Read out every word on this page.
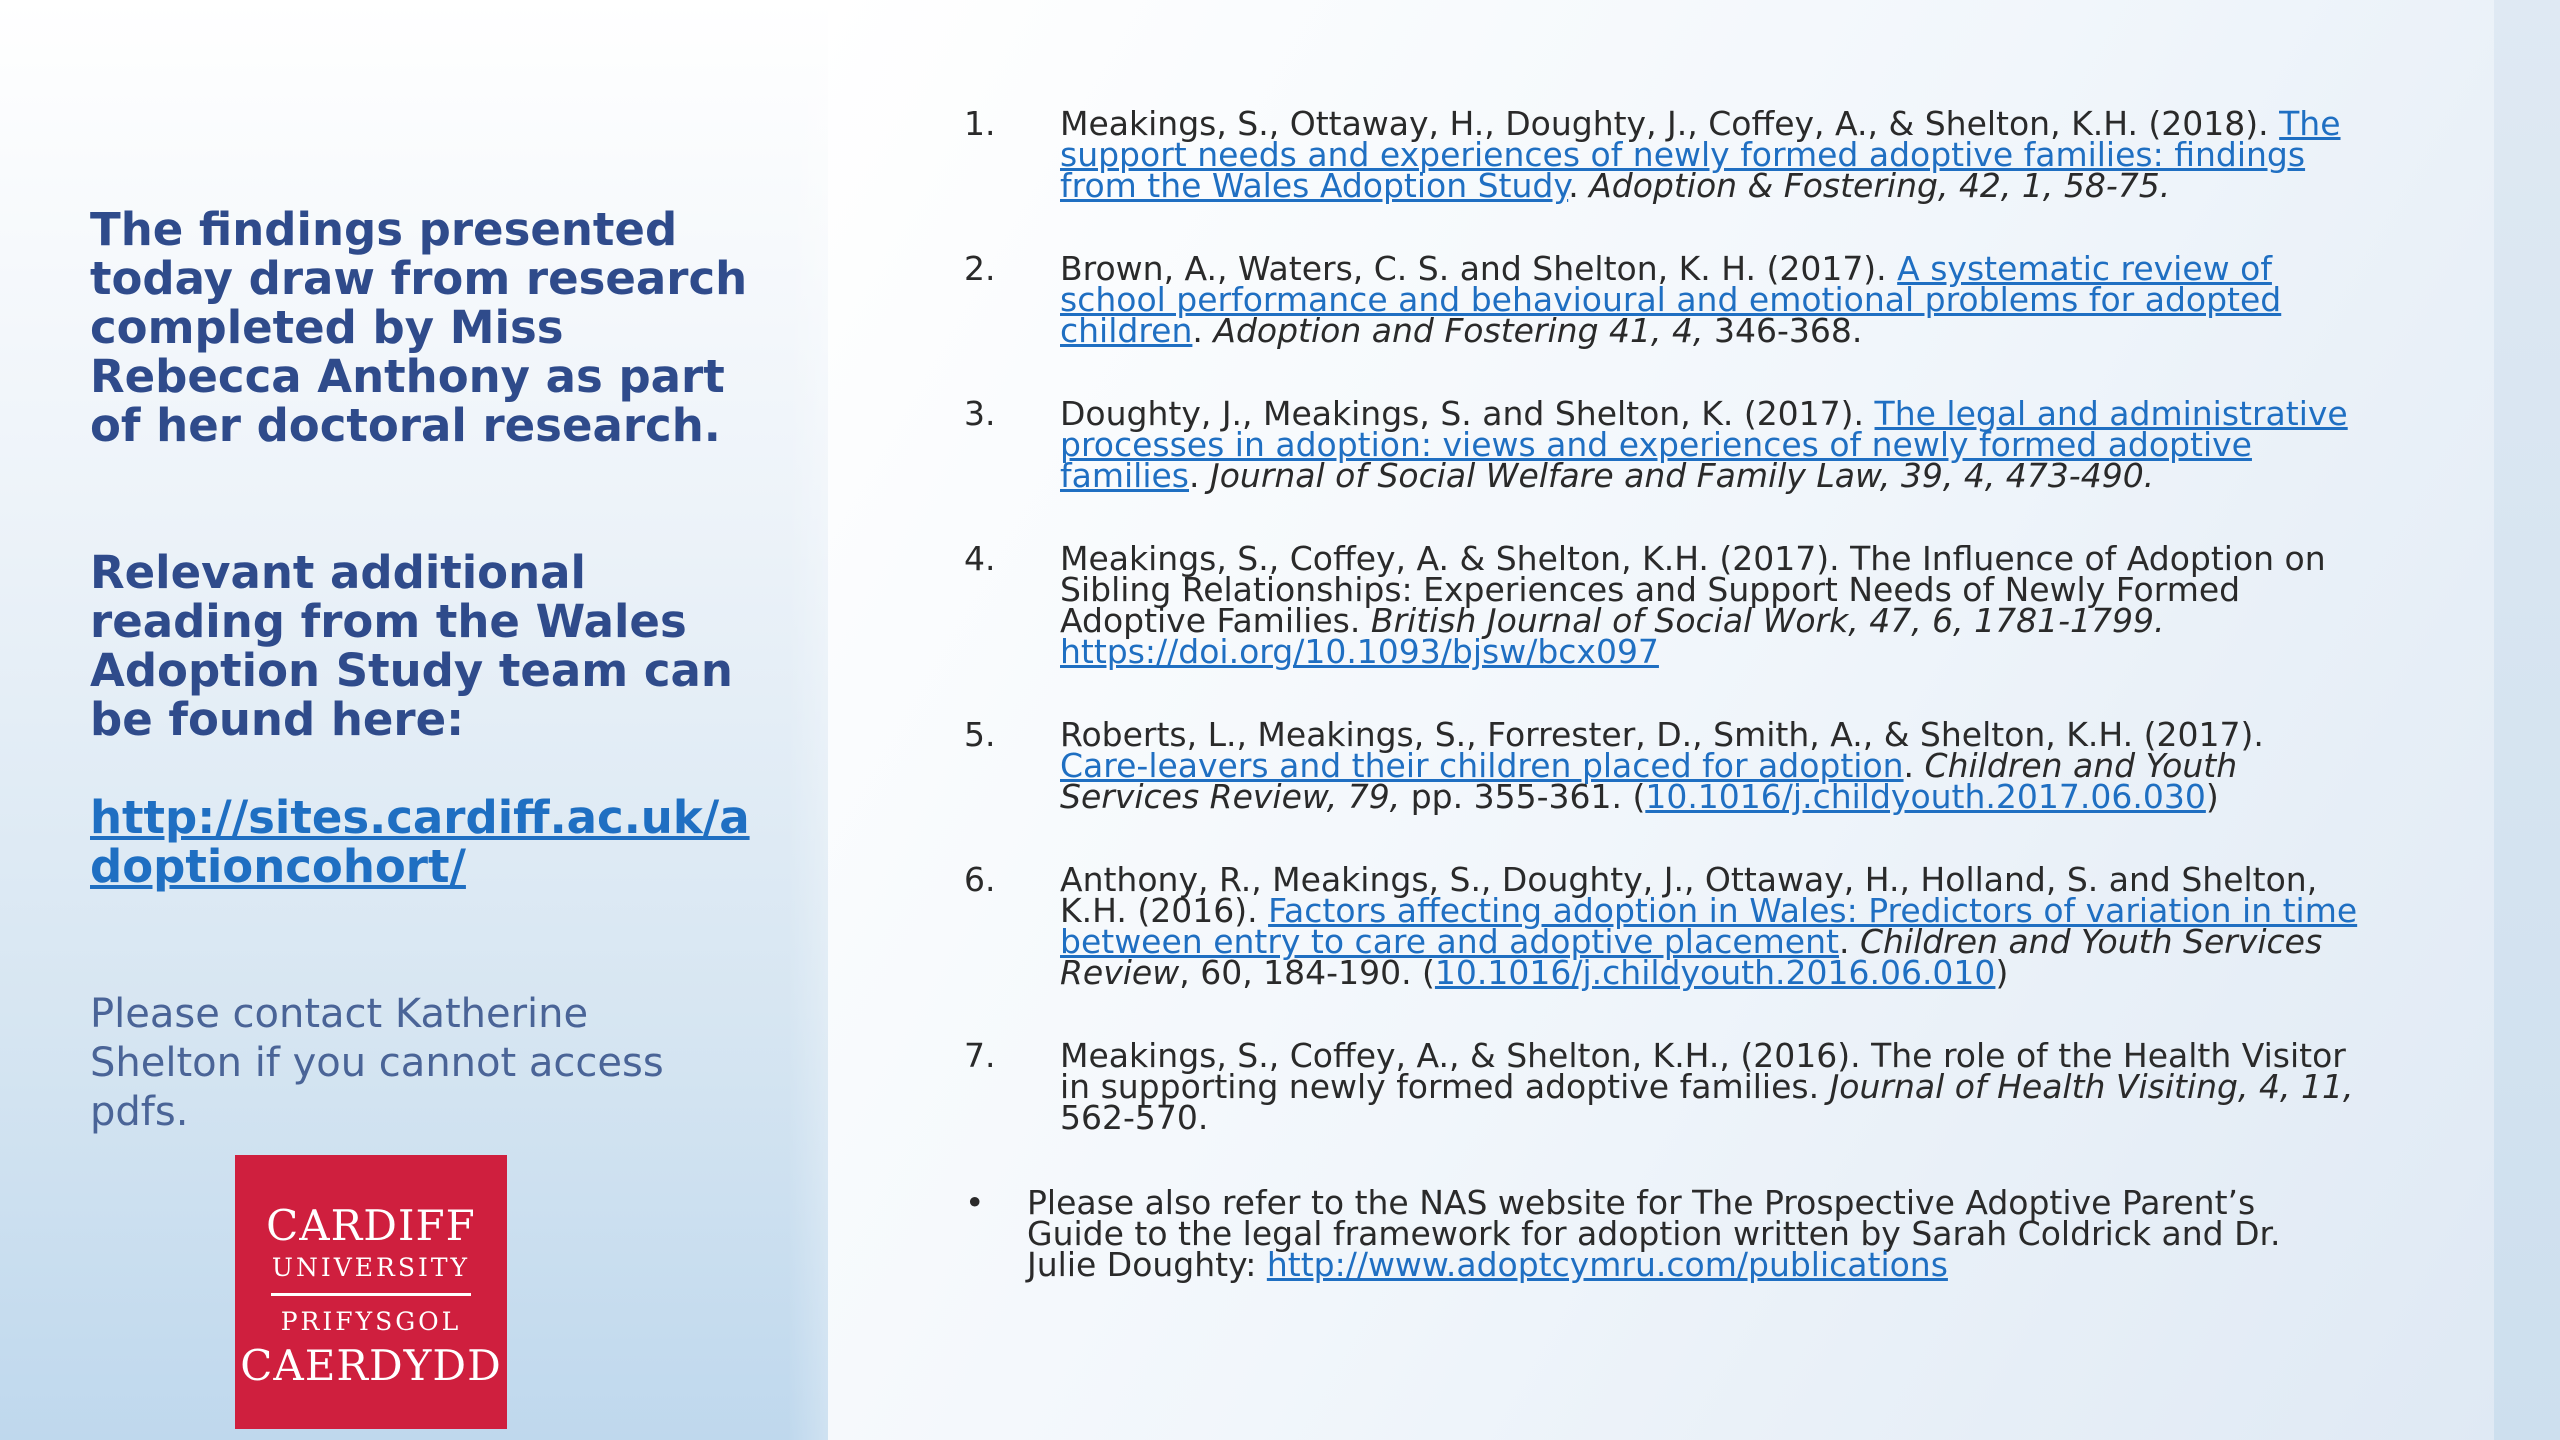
The findings presented today draw from research completed by Miss Rebecca Anthony as part of her doctoral research.

Relevant additional reading from the Wales Adoption Study team can be found here:

http://sites.cardiff.ac.uk/adoptioncohort/

Please contact Katherine Shelton if you cannot access pdfs.

CARDIFF
UNIVERSITY
PRIFYSGOL
CAERDYDD
1. Meakings, S., Ottaway, H., Doughty, J., Coffey, A., & Shelton, K.H. (2018). The support needs and experiences of newly formed adoptive families: findings from the Wales Adoption Study. Adoption & Fostering, 42, 1, 58-75.
2. Brown, A., Waters, C. S. and Shelton, K. H. (2017). A systematic review of school performance and behavioural and emotional problems for adopted children. Adoption and Fostering 41, 4, 346-368.
3. Doughty, J., Meakings, S. and Shelton, K. (2017). The legal and administrative processes in adoption: views and experiences of newly formed adoptive families. Journal of Social Welfare and Family Law, 39, 4, 473-490.
4. Meakings, S., Coffey, A. & Shelton, K.H. (2017). The Influence of Adoption on Sibling Relationships: Experiences and Support Needs of Newly Formed Adoptive Families. British Journal of Social Work, 47, 6, 1781-1799. https://doi.org/10.1093/bjsw/bcx097
5. Roberts, L., Meakings, S., Forrester, D., Smith, A., & Shelton, K.H. (2017). Care-leavers and their children placed for adoption. Children and Youth Services Review, 79, pp. 355-361. (10.1016/j.childyouth.2017.06.030)
6. Anthony, R., Meakings, S., Doughty, J., Ottaway, H., Holland, S. and Shelton, K.H. (2016). Factors affecting adoption in Wales: Predictors of variation in time between entry to care and adoptive placement. Children and Youth Services Review, 60, 184-190. (10.1016/j.childyouth.2016.06.010)
7. Meakings, S., Coffey, A., & Shelton, K.H., (2016). The role of the Health Visitor in supporting newly formed adoptive families. Journal of Health Visiting, 4, 11, 562-570.
• Please also refer to the NAS website for The Prospective Adoptive Parent’s Guide to the legal framework for adoption written by Sarah Coldrick and Dr. Julie Doughty: http://www.adoptcymru.com/publications
